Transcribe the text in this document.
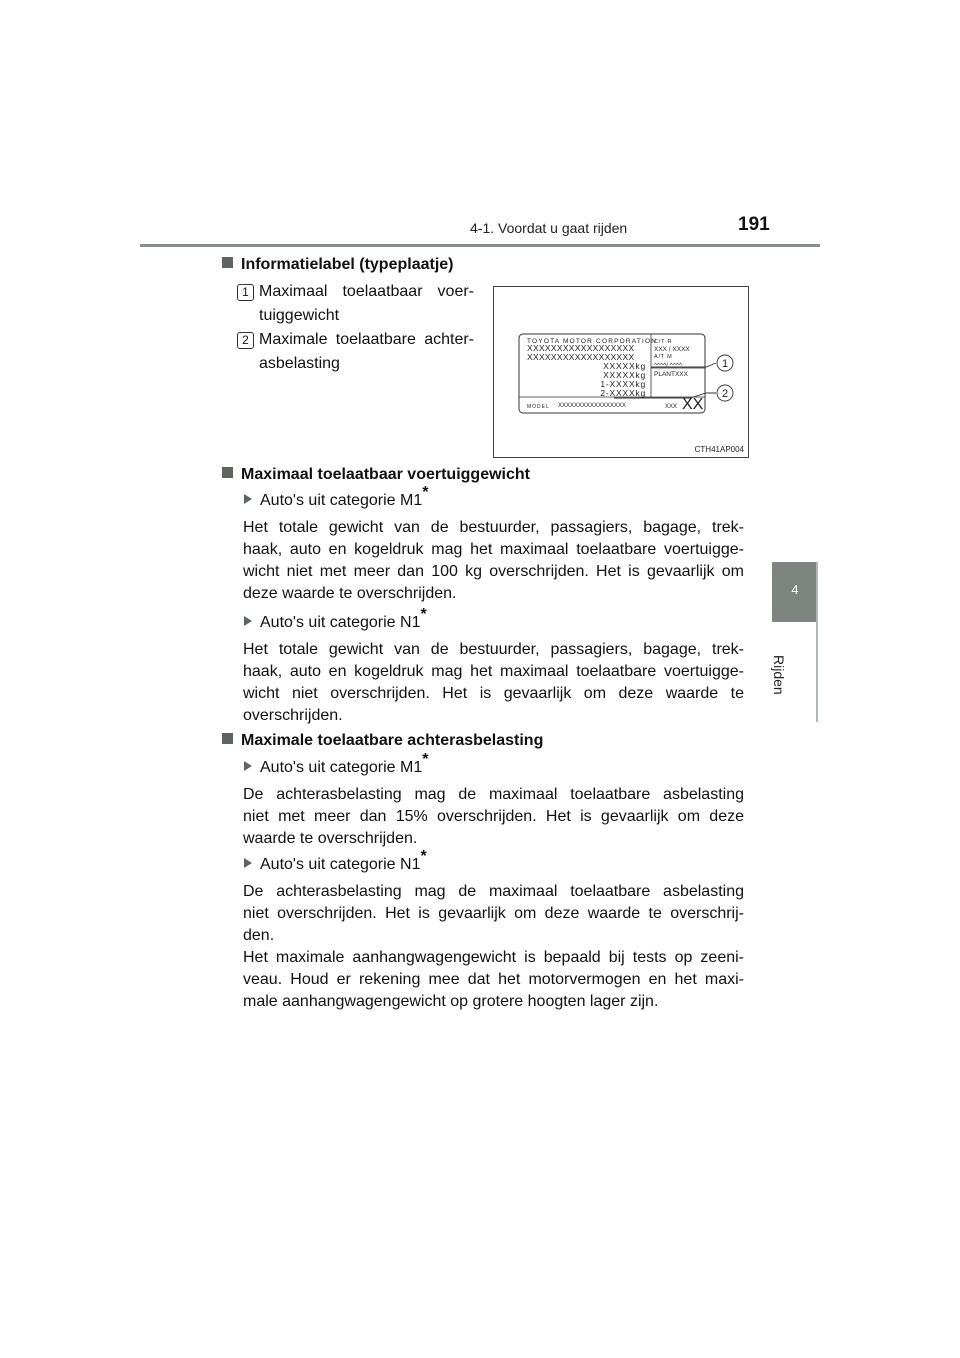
4-1. Voordat u gaat rijden	191
4
Rijden
Informatielabel (typeplaatje)
1 Maximaal toelaatbaar voer-
tuiggewicht
2 Maximale toelaatbare achter-
asbelasting
TOYOTA MOTOR CORPORATION
XXXXXXXXXXXXXXXXXX
XXXXXXXXXXXXXXXXXX
XXXXXkg
XXXXXkg
1-XXXXkg
2-XXXXkg
C/T R
XXX / XXXX
A/T M
^^^^/ ^^^^
PLANTXXX
MODEL XXXXXXXXXXXXXXXXX	XXX XX
1
2
CTH41AP004
Maximaal toelaatbaar voertuiggewicht
Auto's uit categorie M1*
Het totale gewicht van de bestuurder, passagiers, bagage, trek-
haak, auto en kogeldruk mag het maximaal toelaatbare voertuigge-
wicht niet met meer dan 100 kg overschrijden. Het is gevaarlijk om
deze waarde te overschrijden.
Auto's uit categorie N1*
Het totale gewicht van de bestuurder, passagiers, bagage, trek-
haak, auto en kogeldruk mag het maximaal toelaatbare voertuigge-
wicht niet overschrijden. Het is gevaarlijk om deze waarde te
overschrijden.
Maximale toelaatbare achterasbelasting
Auto's uit categorie M1*
De achterasbelasting mag de maximaal toelaatbare asbelasting
niet met meer dan 15% overschrijden. Het is gevaarlijk om deze
waarde te overschrijden.
Auto's uit categorie N1*
De achterasbelasting mag de maximaal toelaatbare asbelasting
niet overschrijden. Het is gevaarlijk om deze waarde te overschrij-
den.
Het maximale aanhangwagengewicht is bepaald bij tests op zeeni-
veau. Houd er rekening mee dat het motorvermogen en het maxi-
male aanhangwagengewicht op grotere hoogten lager zijn.
